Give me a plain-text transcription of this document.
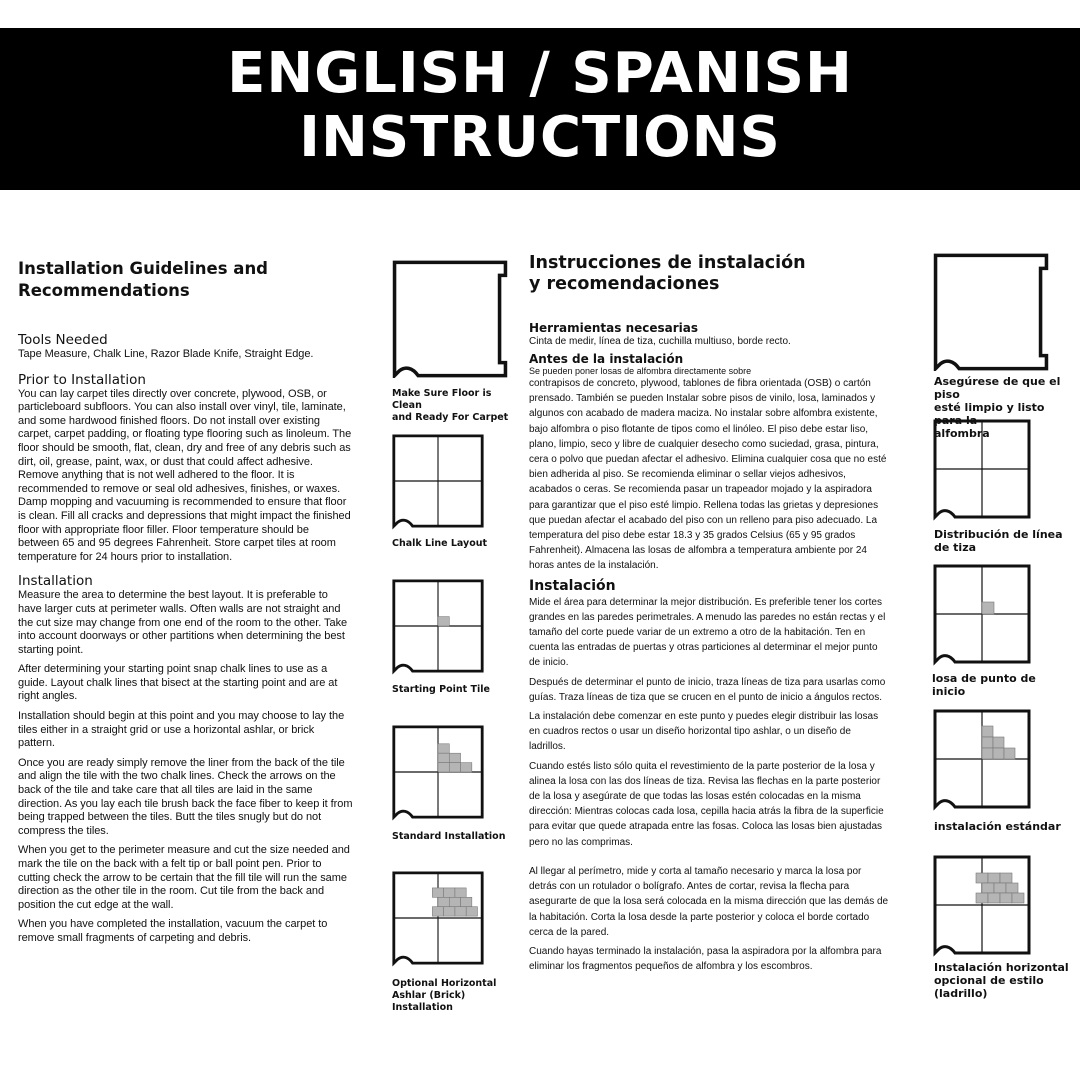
ENGLISH / SPANISH
INSTRUCTIONS
Installation Guidelines and Recommendations
Tools Needed

Tape Measure, Chalk Line, Razor Blade Knife, Straight Edge.

Prior to Installation

You can lay carpet tiles directly over concrete, plywood, OSB, or particleboard subfloors. You can also install over vinyl, tile, laminate, and some hardwood finished floors. Do not install over existing carpet, carpet padding, or floating type flooring such as linoleum. The floor should be smooth, flat, clean, dry and free of any debris such as dirt, oil, grease, paint, wax, or dust that could affect adhesive. Remove anything that is not well adhered to the floor. It is recommended to remove or seal old adhesives, finishes, or waxes. Damp mopping and vacuuming is recommended to ensure that floor is clean. Fill all cracks and depressions that might impact the finished floor with appropriate floor filler. Floor temperature should be between 65 and 95 degrees Fahrenheit. Store carpet tiles at room temperature for 24 hours prior to installation.

Installation

Measure the area to determine the best layout. It is preferable to have larger cuts at perimeter walls. Often walls are not straight and the cut size may change from one end of the room to the other. Take into account doorways or other partitions when determining the best starting point.

After determining your starting point snap chalk lines to use as a guide. Layout chalk lines that bisect at the starting point and are at right angles.

Installation should begin at this point and you may choose to lay the tiles either in a straight grid or use a horizontal ashlar, or brick pattern.

Once you are ready simply remove the liner from the back of the tile and align the tile with the two chalk lines. Check the arrows on the back of the tile and take care that all tiles are laid in the same direction. As you lay each tile brush back the face fiber to keep it from being trapped between the tiles. Butt the tiles snugly but do not compress the tiles.

When you get to the perimeter measure and cut the size needed and mark the tile on the back with a felt tip or ball point pen. Prior to cutting check the arrow to be certain that the fill tile will run the same direction as the other tile in the room. Cut tile from the back and position the cut edge at the wall.

When you have completed the installation, vacuum the carpet to remove small fragments of carpeting and debris.

Instrucciones de instalación
y recomendaciones
Herramientas necesarias

Cinta de medir, línea de tiza, cuchilla multiuso, borde recto.

Antes de la instalación

Se pueden poner losas de alfombra directamente sobre

contrapisos de concreto, plywood, tablones de fibra orientada (OSB) o cartón prensado. También se pueden Instalar sobre pisos de vinilo, losa, laminados y algunos con acabado de madera maciza. No instalar sobre alfombra existente, bajo alfombra o piso flotante de tipos como el linóleo. El piso debe estar liso, plano, limpio, seco y libre de cualquier desecho como suciedad, grasa, pintura, cera o polvo que puedan afectar el adhesivo. Elimina cualquier cosa que no esté bien adherida al piso. Se recomienda eliminar o sellar viejos adhesivos, acabados o ceras. Se recomienda pasar un trapeador mojado y la aspiradora para garantizar que el piso esté limpio. Rellena todas las grietas y depresiones que puedan afectar el acabado del piso con un relleno para piso adecuado. La temperatura del piso debe estar 18.3 y 35 grados Celsius (65 y 95 grados Fahrenheit). Almacena las losas de alfombra a temperatura ambiente por 24 horas antes de la instalación.

Instalación

Mide el área para determinar la mejor distribución. Es preferible tener los cortes grandes en las paredes perimetrales. A menudo las paredes no están rectas y el tamaño del corte puede variar de un extremo a otro de la habitación. Ten en cuenta las entradas de puertas y otras particiones al determinar el mejor punto de inicio.

Después de determinar el punto de inicio, traza líneas de tiza para usarlas como guías. Traza líneas de tiza que se crucen en el punto de inicio a ángulos rectos.

La instalación debe comenzar en este punto y puedes elegir distribuir las losas en cuadros rectos o usar un diseño horizontal tipo ashlar, o un diseño de ladrillos.

Cuando estés listo sólo quita el revestimiento de la parte posterior de la losa y alinea la losa con las dos líneas de tiza. Revisa las flechas en la parte posterior de la losa y asegúrate de que todas las losas estén colocadas en la misma dirección: Mientras colocas cada losa, cepilla hacia atrás la fibra de la superficie para evitar que quede atrapada entre las fosas. Coloca las losas bien ajustadas pero no las comprimas.

Al llegar al perímetro, mide y corta al tamaño necesario y marca la losa por detrás con un rotulador o bolígrafo. Antes de cortar, revisa la flecha para asegurarte de que la losa será colocada en la misma dirección que las demás de la habitación. Corta la losa desde la parte posterior y coloca el borde cortado cerca de la pared.

Cuando hayas terminado la instalación, pasa la aspiradora por la alfombra para eliminar los fragmentos pequeños de alfombra y los escombros.

Make Sure Floor is Clean
and Ready For Carpet
Chalk Line Layout
Starting Point Tile
Standard Installation
Optional Horizontal
Ashlar (Brick)
Installation
Asegúrese de que el piso
esté limpio y listo para la
alfombra
Distribución de línea
de tiza
losa de punto de inicio
instalación estándar
Instalación horizontal
opcional de estilo
(ladrillo)
